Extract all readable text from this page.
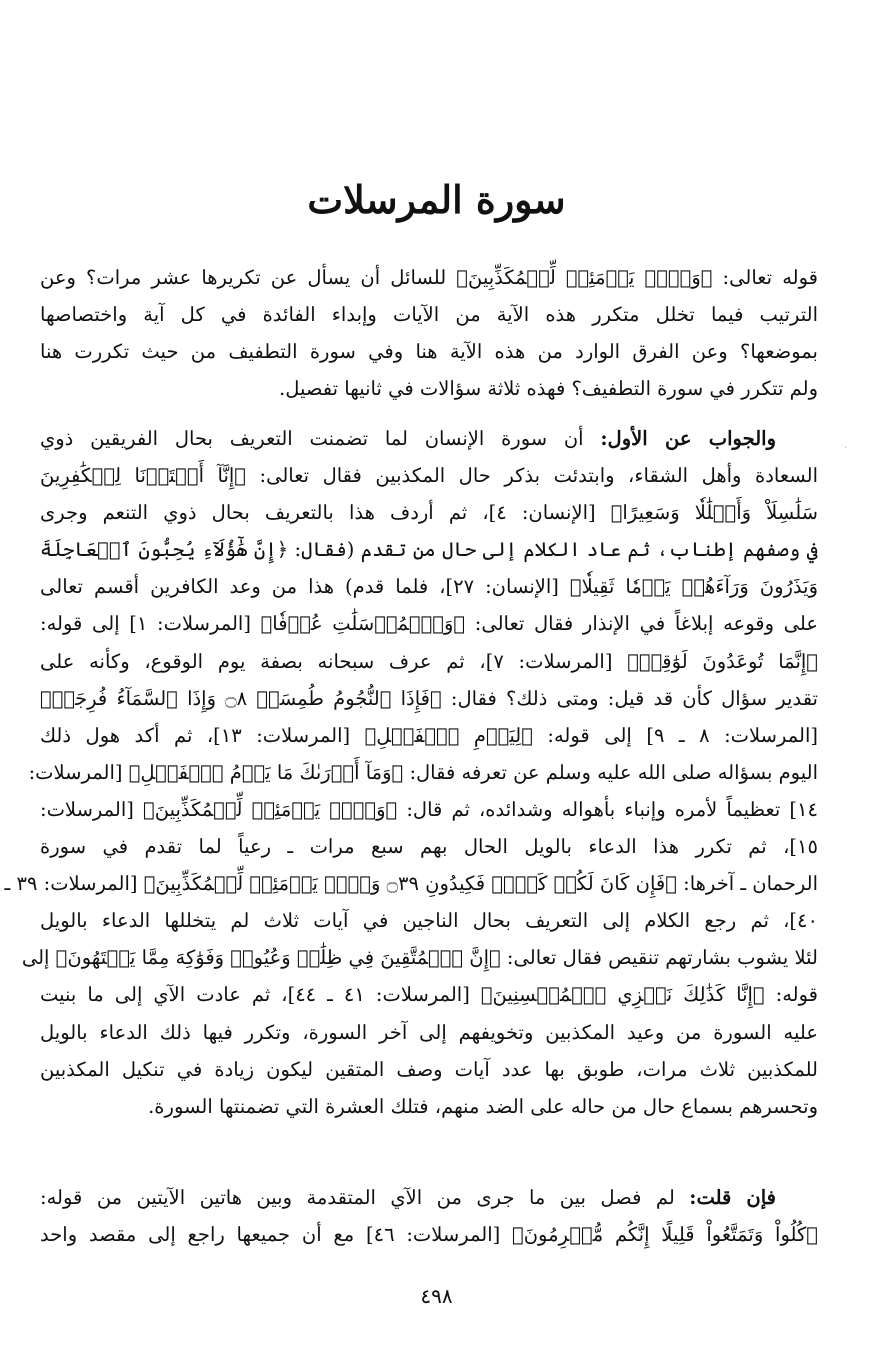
سورة المرسلات
قوله تعالى: ﴿وَيۡلٞ يَوۡمَئِذٖ لِّلۡمُكَذِّبِينَ﴾ للسائل أن يسأل عن تكريرها عشر مرات؟ وعن
الترتيب فيما تخلل متكرر هذه الآية من الآيات وإبداء الفائدة في كل آية واختصاصها
بموضعها؟ وعن الفرق الوارد من هذه الآية هنا وفي سورة التطفيف من حيث تكررت هنا
ولم تتكرر في سورة التطفيف؟ فهذه ثلاثة سؤالات في ثانيها تفصيل.
والجواب عن الأول: أن سورة الإنسان لما تضمنت التعريف بحال الفريقين ذوي
السعادة وأهل الشقاء، وابتدئت بذكر حال المكذبين فقال تعالى: ﴿إِنَّآ أَعۡتَدۡنَا لِلۡكَٰفِرِينَ
سَلَٰسِلَاْ وَأَغۡلَٰلٗا وَسَعِيرًا﴾ [الإنسان: ٤]، ثم أردف هذا بالتعريف بحال ذوي التنعم وجرى
في وصفهم إطناب، ثم عاد الكلام إلى حال من تقدم (فقال: ﴿إِنَّ هَٰٓؤُلَآءِ يُحِبُّونَ ٱلۡعَاجِلَةَ
وَيَذَرُونَ وَرَآءَهُمۡ يَوۡمٗا ثَقِيلٗا﴾ [الإنسان: ٢٧]، فلما قدم) هذا من وعد الكافرين أقسم تعالى
على وقوعه إبلاغاً في الإنذار فقال تعالى: ﴿وَٱلۡمُرۡسَلَٰتِ عُرۡفٗا﴾ [المرسلات: ١] إلى قوله:
﴿إِنَّمَا تُوعَدُونَ لَوَٰقِعٞ﴾ [المرسلات: ٧]، ثم عرف سبحانه بصفة يوم الوقوع، وكأنه على
تقدير سؤال كأن قد قيل: ومتى ذلك؟ فقال: ﴿فَإِذَا ٱلنُّجُومُ طُمِسَتۡ ۝٨ وَإِذَا ٱلسَّمَآءُ فُرِجَتۡ﴾
[المرسلات: ٨ ـ ٩] إلى قوله: ﴿لِيَوۡمِ ٱلۡفَصۡلِ﴾ [المرسلات: ١٣]، ثم أكد هول ذلك
اليوم بسؤاله صلى الله عليه وسلم عن تعرفه فقال: ﴿وَمَآ أَدۡرَىٰكَ مَا يَوۡمُ ٱلۡفَصۡلِ﴾ [المرسلات:
١٤] تعظيماً لأمره وإنباء بأهواله وشدائده، ثم قال: ﴿وَيۡلٞ يَوۡمَئِذٖ لِّلۡمُكَذِّبِينَ﴾ [المرسلات:
١٥]، ثم تكرر هذا الدعاء بالويل الحال بهم سبع مرات ـ رعياً لما تقدم في سورة
الرحمان ـ آخرها: ﴿فَإِن كَانَ لَكُمۡ كَيۡدٞ فَكِيدُونِ ۝٣٩ وَيۡلٞ يَوۡمَئِذٖ لِّلۡمُكَذِّبِينَ﴾ [المرسلات: ٣٩ ـ
٤٠]، ثم رجع الكلام إلى التعريف بحال الناجين في آيات ثلاث لم يتخللها الدعاء بالويل
لئلا يشوب بشارتهم تنقيص فقال تعالى: ﴿إِنَّ ٱلۡمُتَّقِينَ فِي ظِلَٰلٖ وَعُيُونٖ وَفَوَٰكِهَ مِمَّا يَشۡتَهُونَ﴾ إلى
قوله: ﴿إِنَّا كَذَٰلِكَ نَجۡزِي ٱلۡمُحۡسِنِينَ﴾ [المرسلات: ٤١ ـ ٤٤]، ثم عادت الآي إلى ما بنيت
عليه السورة من وعيد المكذبين وتخويفهم إلى آخر السورة، وتكرر فيها ذلك الدعاء بالويل
للمكذبين ثلاث مرات، طوبق بها عدد آيات وصف المتقين ليكون زيادة في تنكيل المكذبين
وتحسرهم بسماع حال من حاله على الضد منهم، فتلك العشرة التي تضمنتها السورة.
فإن قلت: لم فصل بين ما جرى من الآي المتقدمة وبين هاتين الآيتين من قوله:
﴿كُلُواْ وَتَمَتَّعُواْ قَلِيلًا إِنَّكُم مُّجۡرِمُونَ﴾ [المرسلات: ٤٦] مع أن جميعها راجع إلى مقصد واحد
٤٩٨
·
